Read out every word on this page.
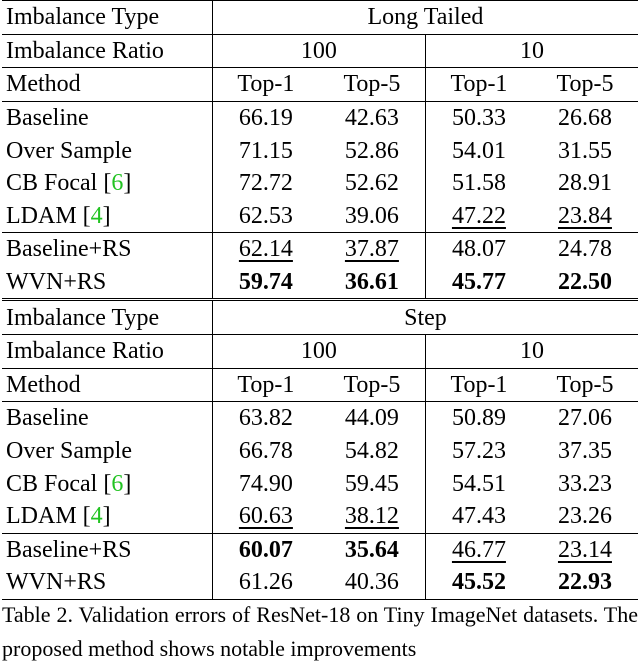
Imbalance Type	Long Tailed			
Imbalance Ratio	100		10	
Method	Top-1	Top-5	Top-1	Top-5
Baseline	66.19	42.63	50.33	26.68
Over Sample	71.15	52.86	54.01	31.55
CB Focal [6]	72.72	52.62	51.58	28.91
LDAM [4]	62.53	39.06	47.22	23.84
Baseline+RS	62.14	37.87	48.07	24.78
WVN+RS	59.74	36.61	45.77	22.50
Imbalance Type	Step			
Imbalance Ratio	100		10	
Method	Top-1	Top-5	Top-1	Top-5
Baseline	63.82	44.09	50.89	27.06
Over Sample	66.78	54.82	57.23	37.35
CB Focal [6]	74.90	59.45	54.51	33.23
LDAM [4]	60.63	38.12	47.43	23.26
Baseline+RS	60.07	35.64	46.77	23.14
WVN+RS	61.26	40.36	45.52	22.93
Table 2. Validation errors of ResNet-18 on Tiny ImageNet datasets. The proposed method shows notable improvements
